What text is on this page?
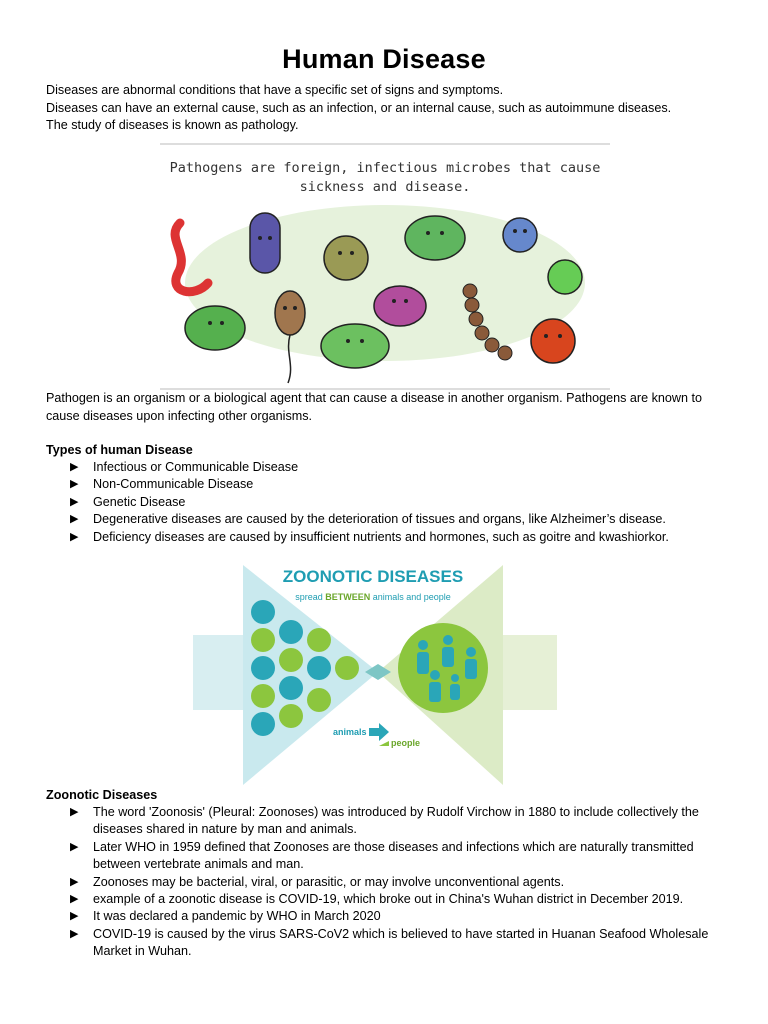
Human Disease
Diseases are abnormal conditions that have a specific set of signs and symptoms.
Diseases can have an external cause, such as an infection, or an internal cause, such as autoimmune diseases.
The study of diseases is known as pathology.
Pathogens are foreign, infectious microbes that cause
sickness and disease.
Pathogen is an organism or a biological agent that can cause a disease in another organism. Pathogens are known to cause diseases upon infecting other organisms.
Types of human Disease
▶ Infectious or Communicable Disease
▶ Non-Communicable Disease
▶ Genetic Disease
▶ Degenerative diseases are caused by the deterioration of tissues and organs, like Alzheimer’s disease.
▶ Deficiency diseases are caused by insufficient nutrients and hormones, such as goitre and kwashiorkor.
ZOONOTIC DISEASES
spread BETWEEN animals and people
animals
people
Zoonotic Diseases
▶ The word 'Zoonosis' (Pleural: Zoonoses) was introduced by Rudolf Virchow in 1880 to include collectively the diseases shared in nature by man and animals.
▶ Later WHO in 1959 defined that Zoonoses are those diseases and infections which are naturally transmitted between vertebrate animals and man.
▶ Zoonoses may be bacterial, viral, or parasitic, or may involve unconventional agents.
▶ example of a zoonotic disease is COVID-19, which broke out in China's Wuhan district in December 2019.
▶ It was declared a pandemic by WHO in March 2020
▶ COVID-19 is caused by the virus SARS-CoV2 which is believed to have started in Huanan Seafood Wholesale Market in Wuhan.
